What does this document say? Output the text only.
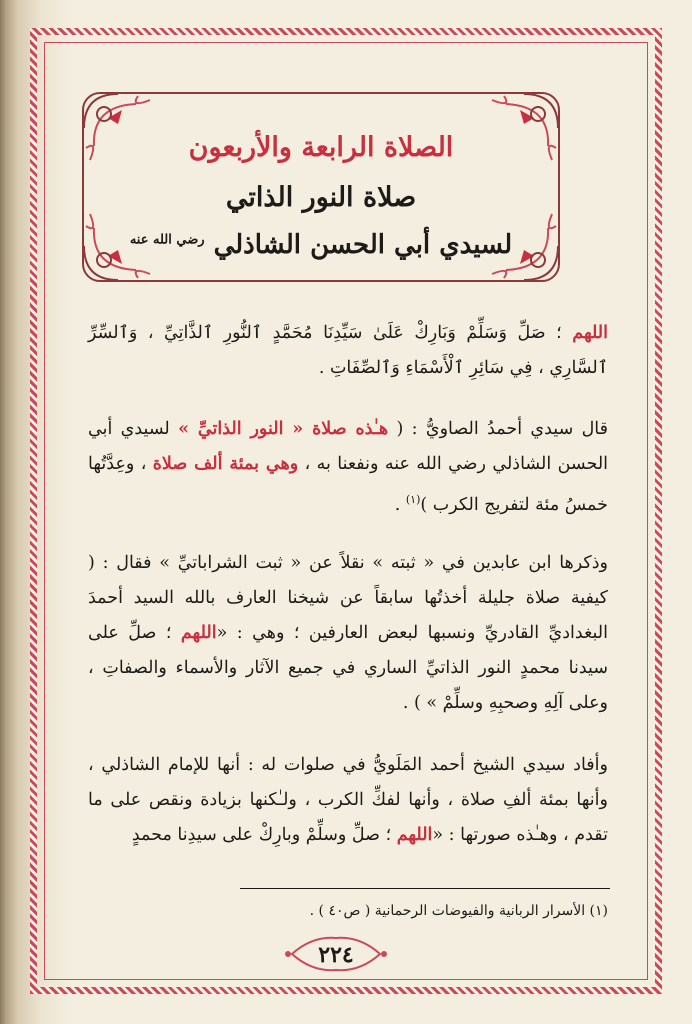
الصلاة الرابعة والأربعون
صلاة النور الذاتي
لسيدي أبي الحسن الشاذلي $^{رضي الله عنه}$

اللهم ؛ صَلِّ وَسَلِّمْ وَبَارِكْ عَلَىٰ سَيِّدِنَا مُحَمَّدٍ ٱلنُّورِ ٱلذَّاتِيِّ ، وَٱلسِّرِّ ٱلسَّارِي ، فِي سَائِرِ ٱلْأَسْمَاءِ وَٱلصِّفَاتِ .

قال سيدي أحمدُ الصاويُّ : ( هـٰذه صلاة « النور الذاتيِّ » لسيدي أبي الحسن الشاذلي رضي الله عنه ونفعنا به ، وهي بمئة ألف صلاة ، وعِدَّتُها خمسُ مئة لتفريج الكرب )$^{(١)}$ .

وذكرها ابن عابدين في « ثبته » نقلاً عن « ثبت الشراباتيِّ » فقال : ( كيفية صلاة جليلة أخذتُها سابقاً عن شيخنا العارف بالله السيد أحمدَ البغداديِّ القادريِّ ونسبها لبعض العارفين ؛ وهي : «اللهم ؛ صلِّ على سيدنا محمدٍ النور الذاتيِّ الساري في جميع الآثار والأسماء والصفاتِ ، وعلى آلِهِ وصحبِهِ وسلِّمْ » ) .

وأفاد سيدي الشيخ أحمد المَلَويُّ في صلوات له : أنها للإمام الشاذلي ، وأنها بمئة ألفِ صلاة ، وأنها لفكِّ الكرب ، ولـٰكنها بزيادة ونقص على ما تقدم ، وهـٰذه صورتها : «اللهم ؛ صلِّ وسلِّمْ وبارِكْ على سيدِنا محمدٍ

(١) الأسرار الربانية والفيوضات الرحمانية ( ص٤٠ ) .
٢٢٤
